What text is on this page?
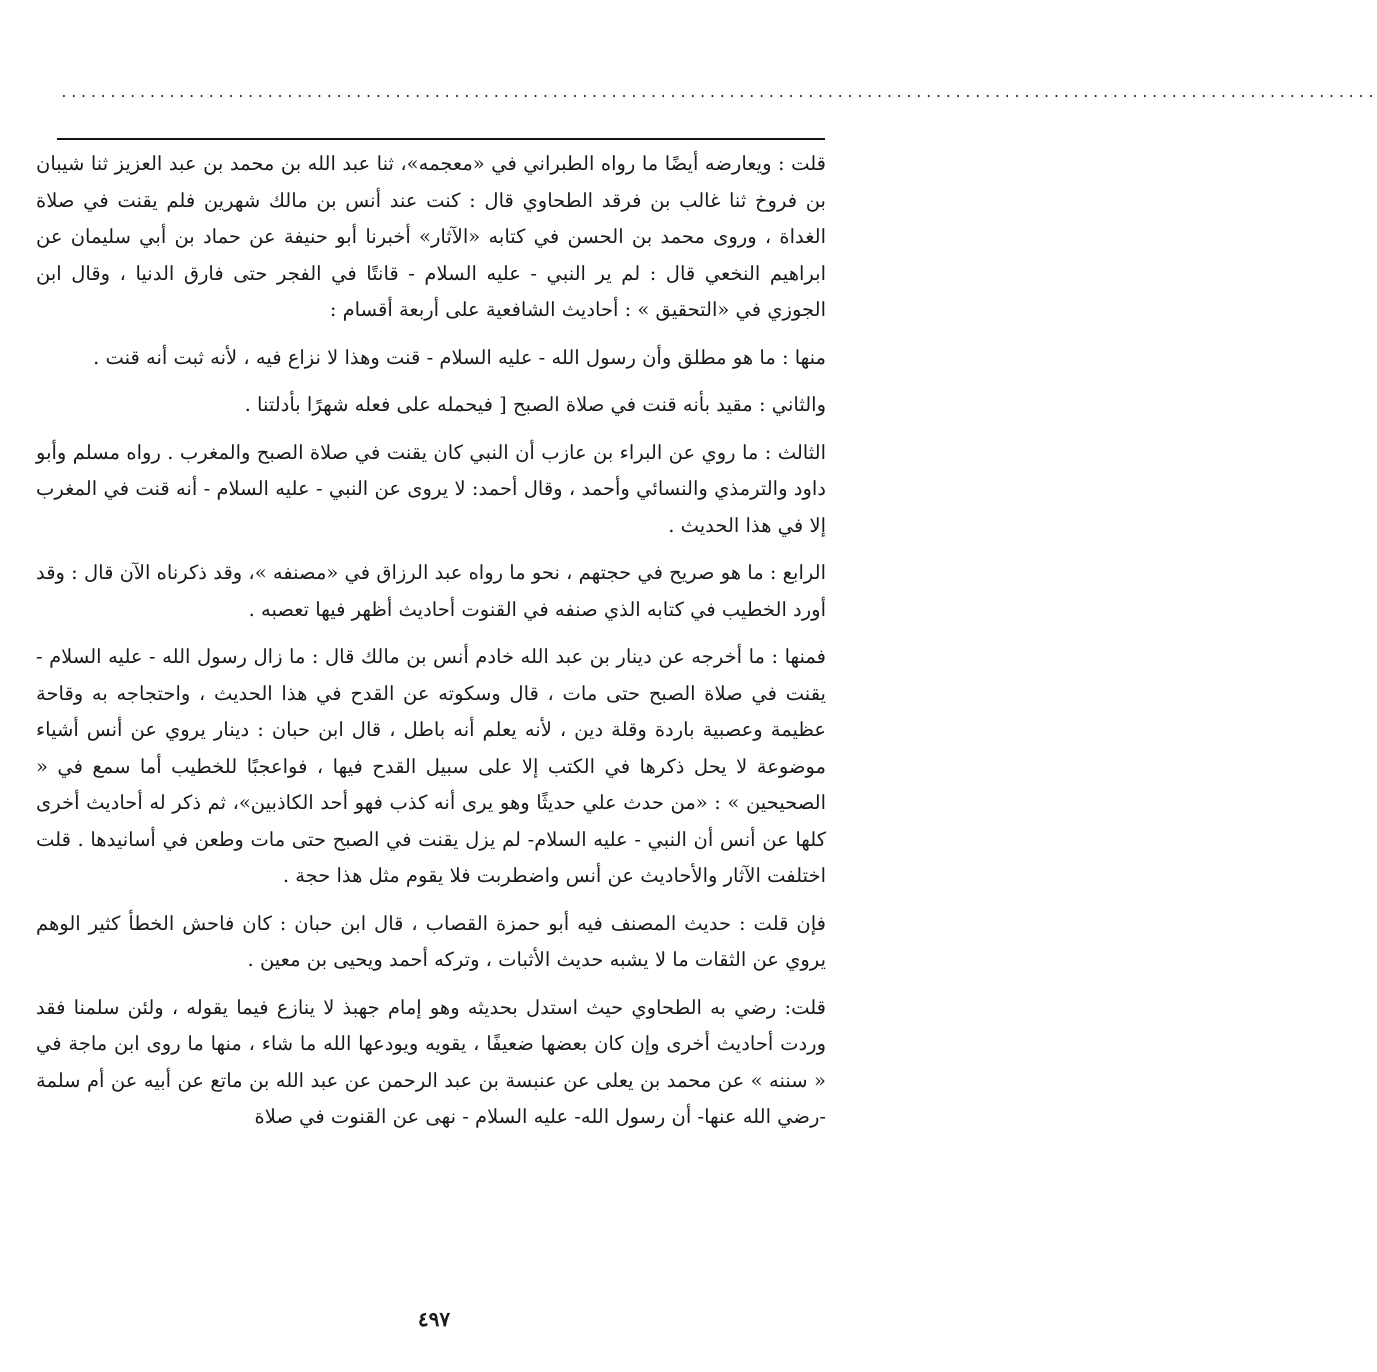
......................................................................................................................................

قلت : ويعارضه أيضًا ما رواه الطبراني في «معجمه»، ثنا عبد الله بن محمد بن عبد العزيز ثنا شيبان بن فروخ ثنا غالب بن فرقد الطحاوي قال : كنت عند أنس بن مالك شهرين فلم يقنت في صلاة الغداة ، وروى محمد بن الحسن في كتابه «الآثار» أخبرنا أبو حنيفة عن حماد بن أبي سليمان عن ابراهيم النخعي قال : لم ير النبي - عليه السلام - قانتًا في الفجر حتى فارق الدنيا ، وقال ابن الجوزي في «التحقيق » : أحاديث الشافعية على أربعة أقسام :

منها : ما هو مطلق وأن رسول الله - عليه السلام - قنت وهذا لا نزاع فيه ، لأنه ثبت أنه قنت .

والثاني : مقيد بأنه قنت في صلاة الصبح [ فيحمله على فعله شهرًا بأدلتنا .

الثالث : ما روي عن البراء بن عازب أن النبي كان يقنت في صلاة الصبح والمغرب . رواه مسلم وأبو داود والترمذي والنسائي وأحمد ، وقال أحمد: لا يروى عن النبي - عليه السلام - أنه قنت في المغرب إلا في هذا الحديث .

الرابع : ما هو صريح في حجتهم ، نحو ما رواه عبد الرزاق في «مصنفه »، وقد ذكرناه الآن قال : وقد أورد الخطيب في كتابه الذي صنفه في القنوت أحاديث أظهر فيها تعصبه .

فمنها : ما أخرجه عن دينار بن عبد الله خادم أنس بن مالك قال : ما زال رسول الله - عليه السلام - يقنت في صلاة الصبح حتى مات ، قال وسكوته عن القدح في هذا الحديث ، واحتجاجه به وقاحة عظيمة وعصبية باردة وقلة دين ، لأنه يعلم أنه باطل ، قال ابن حبان : دينار يروي عن أنس أشياء موضوعة لا يحل ذكرها في الكتب إلا على سبيل القدح فيها ، فواعجبًا للخطيب أما سمع في « الصحيحين » : «من حدث علي حديثًا وهو يرى أنه كذب فهو أحد الكاذبين»، ثم ذكر له أحاديث أخرى كلها عن أنس أن النبي - عليه السلام- لم يزل يقنت في الصبح حتى مات وطعن في أسانيدها . قلت اختلفت الآثار والأحاديث عن أنس واضطربت فلا يقوم مثل هذا حجة .

فإن قلت : حديث المصنف فيه أبو حمزة القصاب ، قال ابن حبان : كان فاحش الخطأ كثير الوهم يروي عن الثقات ما لا يشبه حديث الأثبات ، وتركه أحمد ويحيى بن معين .

قلت: رضي به الطحاوي حيث استدل بحديثه وهو إمام جهبذ لا ينازع فيما يقوله ، ولئن سلمنا فقد وردت أحاديث أخرى وإن كان بعضها ضعيفًا ، يقويه ويودعها الله ما شاء ، منها ما روى ابن ماجة في « سننه » عن محمد بن يعلى عن عنبسة بن عبد الرحمن عن عبد الله بن ماتع عن أبيه عن أم سلمة -رضي الله عنها- أن رسول الله- عليه السلام - نهى عن القنوت في صلاة

٤٩٧
